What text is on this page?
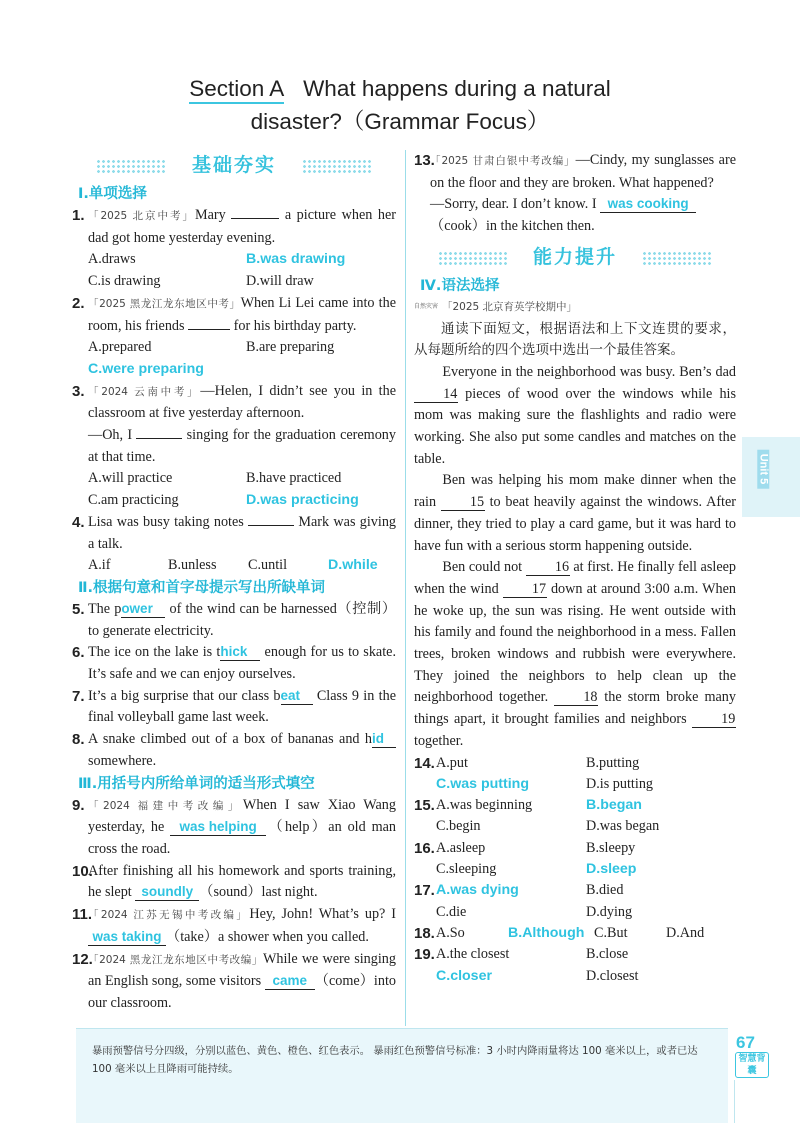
Section A What happens during a natural
disaster?（Grammar Focus）
基础夯实
Ⅰ.单项选择
1. 「2025 北京中考」Mary	a picture when her dad got home yesterday evening.
A.draws	B.was drawing
C.is drawing	D.will draw
2. 「2025 黑龙江龙东地区中考」When Li Lei came into the room, his friends	for his birthday party.
A.prepared	B.are preparing
C.were preparing
3. 「2024 云南中考」—Helen, I didn’t see you in the classroom at five yesterday afternoon.
—Oh, I	singing for the graduation ceremony at that time.
A.will practice	B.have practiced
C.am practicing	D.was practicing
4. Lisa was busy taking notes	Mark was giving a talk.
A.if	B.unless	C.until	D.while
Ⅱ.根据句意和首字母提示写出所缺单词
5. The power of the wind can be harnessed（控制）to generate electricity.
6. The ice on the lake is thick enough for us to skate. It’s safe and we can enjoy ourselves.
7. It’s a big surprise that our class beat Class 9 in the final volleyball game last week.
8. A snake climbed out of a box of bananas and hid somewhere.
Ⅲ.用括号内所给单词的适当形式填空
9. 「2024 福建中考改编」When I saw Xiao Wang yesterday, he was helping （help）an old man cross the road.
10.
After finishing all his homework and sports training, he slept soundly （sound）last night.
11.
「2024 江苏无锡中考改编」Hey, John! What’s up? I was taking （take）a shower when you called.
12.
「2024 黑龙江龙东地区中考改编」While we were singing an English song, some visitors came （come）into our classroom.
13.
「2025 甘肃白银中考改编」—Cindy, my sunglasses are on the floor and they are broken. What happened?
—Sorry, dear. I don’t know. I was cooking
（cook）in the kitchen then.
能力提升
Ⅳ.语法选择
自然灾害 「2025 北京育英学校期中」
通读下面短文，根据语法和上下文连贯的要求，从每题所给的四个选项中选出一个最佳答案。
Everyone in the neighborhood was busy. Ben’s dad 14 pieces of wood over the windows while his mom was making sure the flashlights and radio were working. She also put some candles and matches on the table.
Ben was helping his mom make dinner when the rain 15 to beat heavily against the windows. After dinner, they tried to play a card game, but it was hard to have fun with a serious storm happening outside.
Ben could not 16 at first. He finally fell asleep when the wind 17 down at around 3:00 a.m. When he woke up, the sun was rising. He went outside with his family and found the neighborhood in a mess. Fallen trees, broken windows and rubbish were everywhere. They joined the neighbors to help clean up the neighborhood together. 18 the storm broke many things apart, it brought families and neighbors 19 together.
14. A.put	B.putting
C.was putting	D.is putting
15. A.was beginning	B.began
C.begin	D.was began
16. A.asleep	B.sleepy
C.sleeping	D.sleep
17. A.was dying	B.died
C.die	D.dying
18. A.So	B.Although C.But	D.And
19. A.the closest	B.close
C.closer	D.closest
Unit 5
暴雨预警信号分四级，分别以蓝色、黄色、橙色、红色表示。 暴雨红色预警信号标准：3 小时内降雨量将达 100 毫米以上，或者已达 100 毫米以上且降雨可能持续。
67
智慧背囊
